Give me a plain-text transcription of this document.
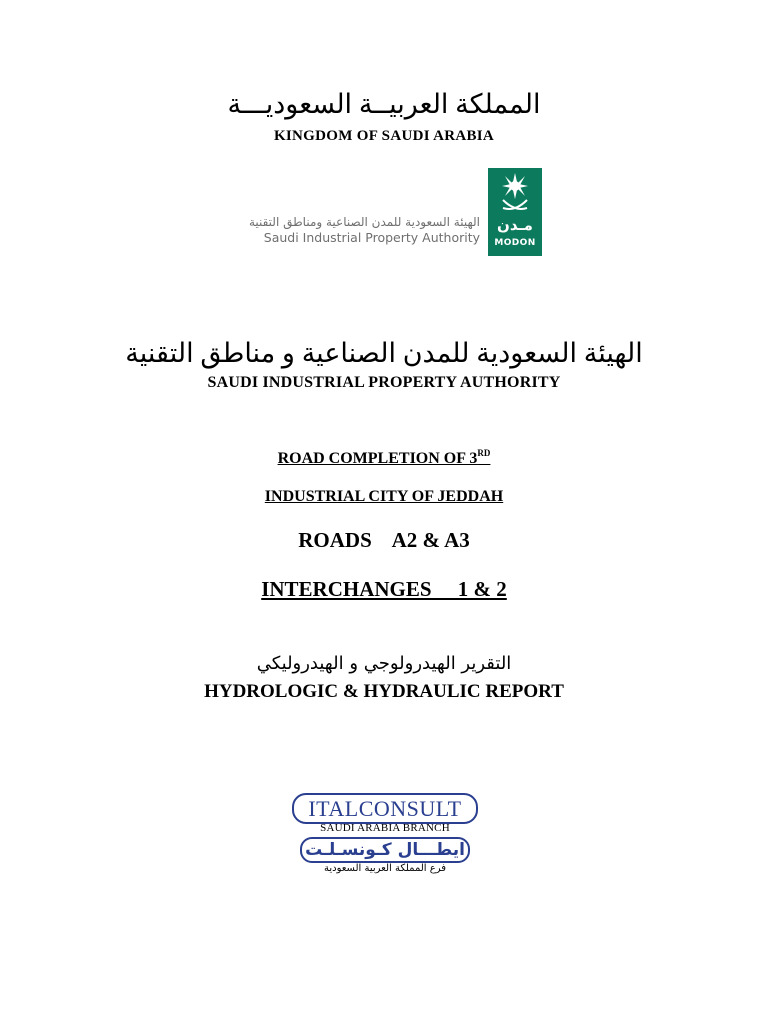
المملكة العربيــة السعوديـــة
KINGDOM OF SAUDI ARABIA
الهيئة السعودية للمدن الصناعية ومناطق التقنية
Saudi Industrial Property Authority
مـدن
MODON
الهيئة السعودية للمدن الصناعية و مناطق التقنية
SAUDI INDUSTRIAL PROPERTY AUTHORITY
ROAD COMPLETION OF 3RD
INDUSTRIAL CITY OF JEDDAH
ROADS    A2 & A3
INTERCHANGES     1 & 2
التقرير الهيدرولوجي و الهيدروليكي
HYDROLOGIC & HYDRAULIC REPORT
ITALCONSULT
SAUDI ARABIA BRANCH
ايطـــال كـونسـلـت
فرع المملكة العربية السعودية
